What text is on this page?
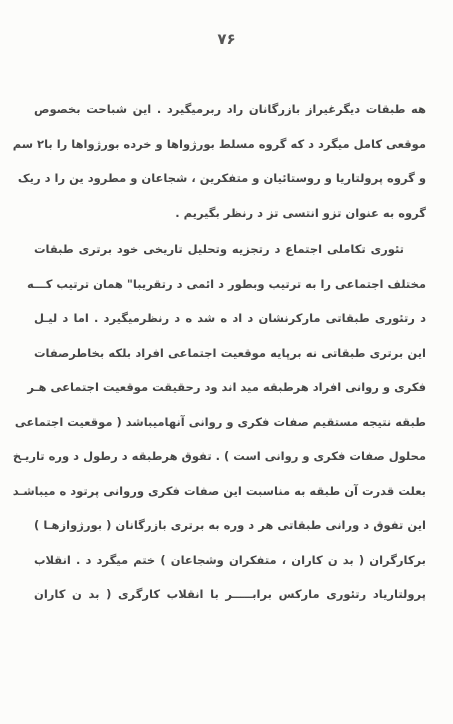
۷۶
ه‍ه طبقات دیگرغیراز بازرگانان راد ربرمیگیرد . این شباحت بخصوص
موقعی کامل میگرد د که گروه مسلط بورژواها و خرده بورژواها را با۲ سم
و گروه پرولتاریا و روستائیان و متفکرین ، شجاعان و مطرود ین را د ریک
گروه به عنوان تزو انتسی تز د رنظر بگیریم .
تئوری تکاملی اجتماع د رتجزیه وتحلیل تاریخی خود برتری طبقات
مختلف اجتماعی را به ترتیب وبطور د ائمی د رتقریبا" همان ترتیب کـــه
د رتئوری طبقاتی مارکرنشان د اد ه شد ه د رنظرمیگیرد . اما د لیـل
این برتری طبقاتی نه برپایه موقعیت اجتماعی افراد بلکه بخاطرصفات
فکری و روانی افراد هرطبقه مید اند ود رحقیقت موقعیت اجتماعی هـر
طبقه نتیجه مستقیم صفات فکری و روانی آنهامیباشد ( موقعیت اجتماعی
محلول صفات فکری و روانی است ) . تفوق هرطبقه د رطول د وره تاریـخ
بعلت قدرت آن طبقه به مناسبت این صفات فکری وروانی پرتود ه میباشـد
این تفوق د ورانی طبقاتی هر د وره به برتری بازرگانان ( بورژوازهـا )
برکارگران ( بد ن کاران ، متفکران وشجاعان ) ختم میگرد د . انقلاب
پرولتاریاد رتئوری مارکس برابـــــر با انقلاب کارگری ( بد ن کاران
